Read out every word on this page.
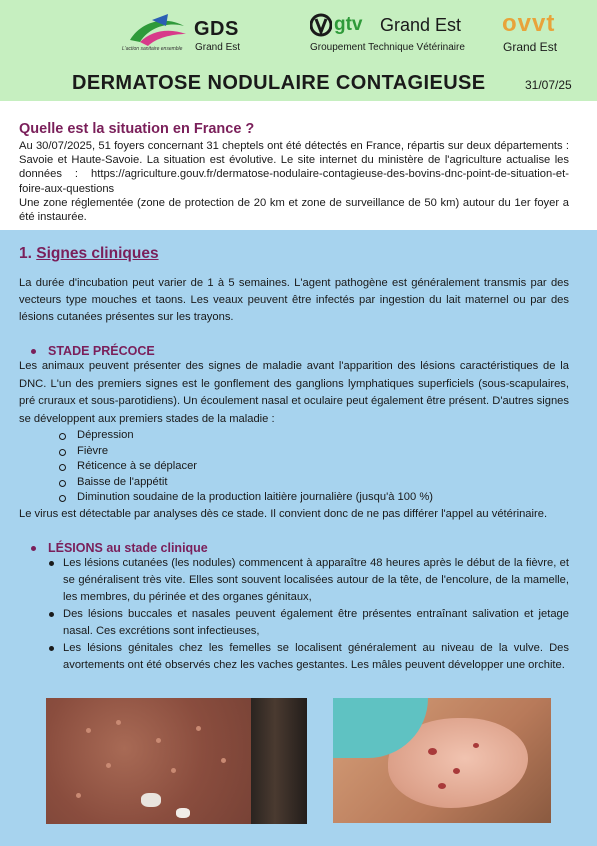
L'action sanitaire ensemble
GDS
Grand Est
gtv Grand Est
Groupement Technique Vétérinaire
ovvt
Grand Est
DERMATOSE NODULAIRE CONTAGIEUSE	31/07/25
Quelle est la situation en France ?

Au 30/07/2025, 51 foyers concernant 31 cheptels ont été détectés en France, répartis sur deux départements : Savoie et Haute-Savoie. La situation est évolutive. Le site internet du ministère de l'agriculture actualise les données : https://agriculture.gouv.fr/dermatose-nodulaire-contagieuse-des-bovins-dnc-point-de-situation-et-foire-aux-questions

Une zone réglementée (zone de protection de 20 km et zone de surveillance de 50 km) autour du 1er foyer a été instaurée.

1. Signes cliniques

La durée d'incubation peut varier de 1 à 5 semaines. L'agent pathogène est généralement transmis par des vecteurs type mouches et taons. Les veaux peuvent être infectés par ingestion du lait maternel ou par des lésions cutanées présentes sur les trayons.

STADE PRÉCOCE

Les animaux peuvent présenter des signes de maladie avant l'apparition des lésions caractéristiques de la DNC. L'un des premiers signes est le gonflement des ganglions lymphatiques superficiels (sous-scapulaires, pré cruraux et sous-parotidiens). Un écoulement nasal et oculaire peut également être présent. D'autres signes se développent aux premiers stades de la maladie :

Dépression
Fièvre
Réticence à se déplacer
Baisse de l'appétit
Diminution soudaine de la production laitière journalière (jusqu'à 100 %)

Le virus est détectable par analyses dès ce stade. Il convient donc de ne pas différer l'appel au vétérinaire.

LÉSIONS au stade clinique
Les lésions cutanées (les nodules) commencent à apparaître 48 heures après le début de la fièvre, et se généralisent très vite. Elles sont souvent localisées autour de la tête, de l'encolure, de la mamelle, les membres, du périnée et des organes génitaux,
Des lésions buccales et nasales peuvent également être présentes entraînant salivation et jetage nasal. Ces excrétions sont infectieuses,
Les lésions génitales chez les femelles se localisent généralement au niveau de la vulve. Des avortements ont été observés chez les vaches gestantes. Les mâles peuvent développer une orchite.
